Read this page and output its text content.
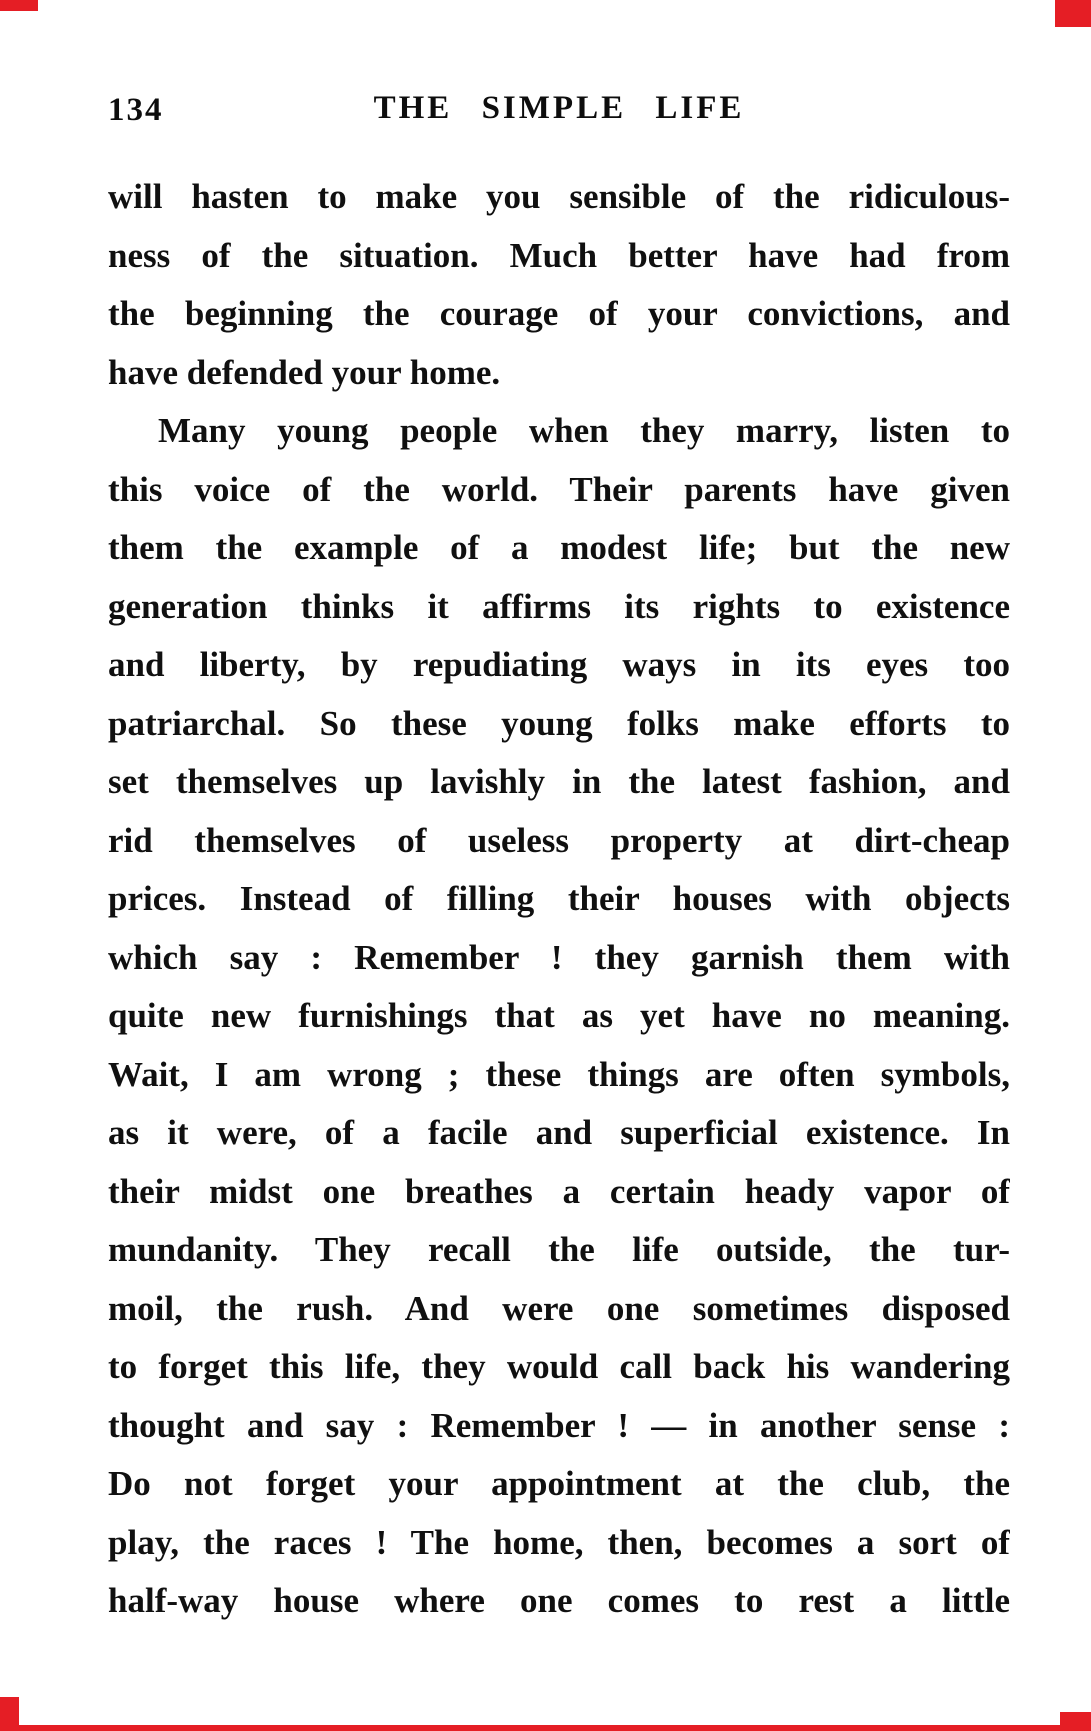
THE SIMPLE LIFE
134
will hasten to make you sensible of the ridiculous-
ness of the situation. Much better have had from
the beginning the courage of your convictions, and
have defended your home.
Many young people when they marry, listen to
this voice of the world. Their parents have given
them the example of a modest life; but the new
generation thinks it affirms its rights to existence
and liberty, by repudiating ways in its eyes too
patriarchal. So these young folks make efforts to
set themselves up lavishly in the latest fashion, and
rid themselves of useless property at dirt-cheap
prices. Instead of filling their houses with objects
which say : Remember ! they garnish them with
quite new furnishings that as yet have no meaning.
Wait, I am wrong ; these things are often symbols,
as it were, of a facile and superficial existence. In
their midst one breathes a certain heady vapor of
mundanity. They recall the life outside, the tur-
moil, the rush. And were one sometimes disposed
to forget this life, they would call back his wandering
thought and say : Remember ! — in another sense :
Do not forget your appointment at the club, the
play, the races ! The home, then, becomes a sort of
half-way house where one comes to rest a little
